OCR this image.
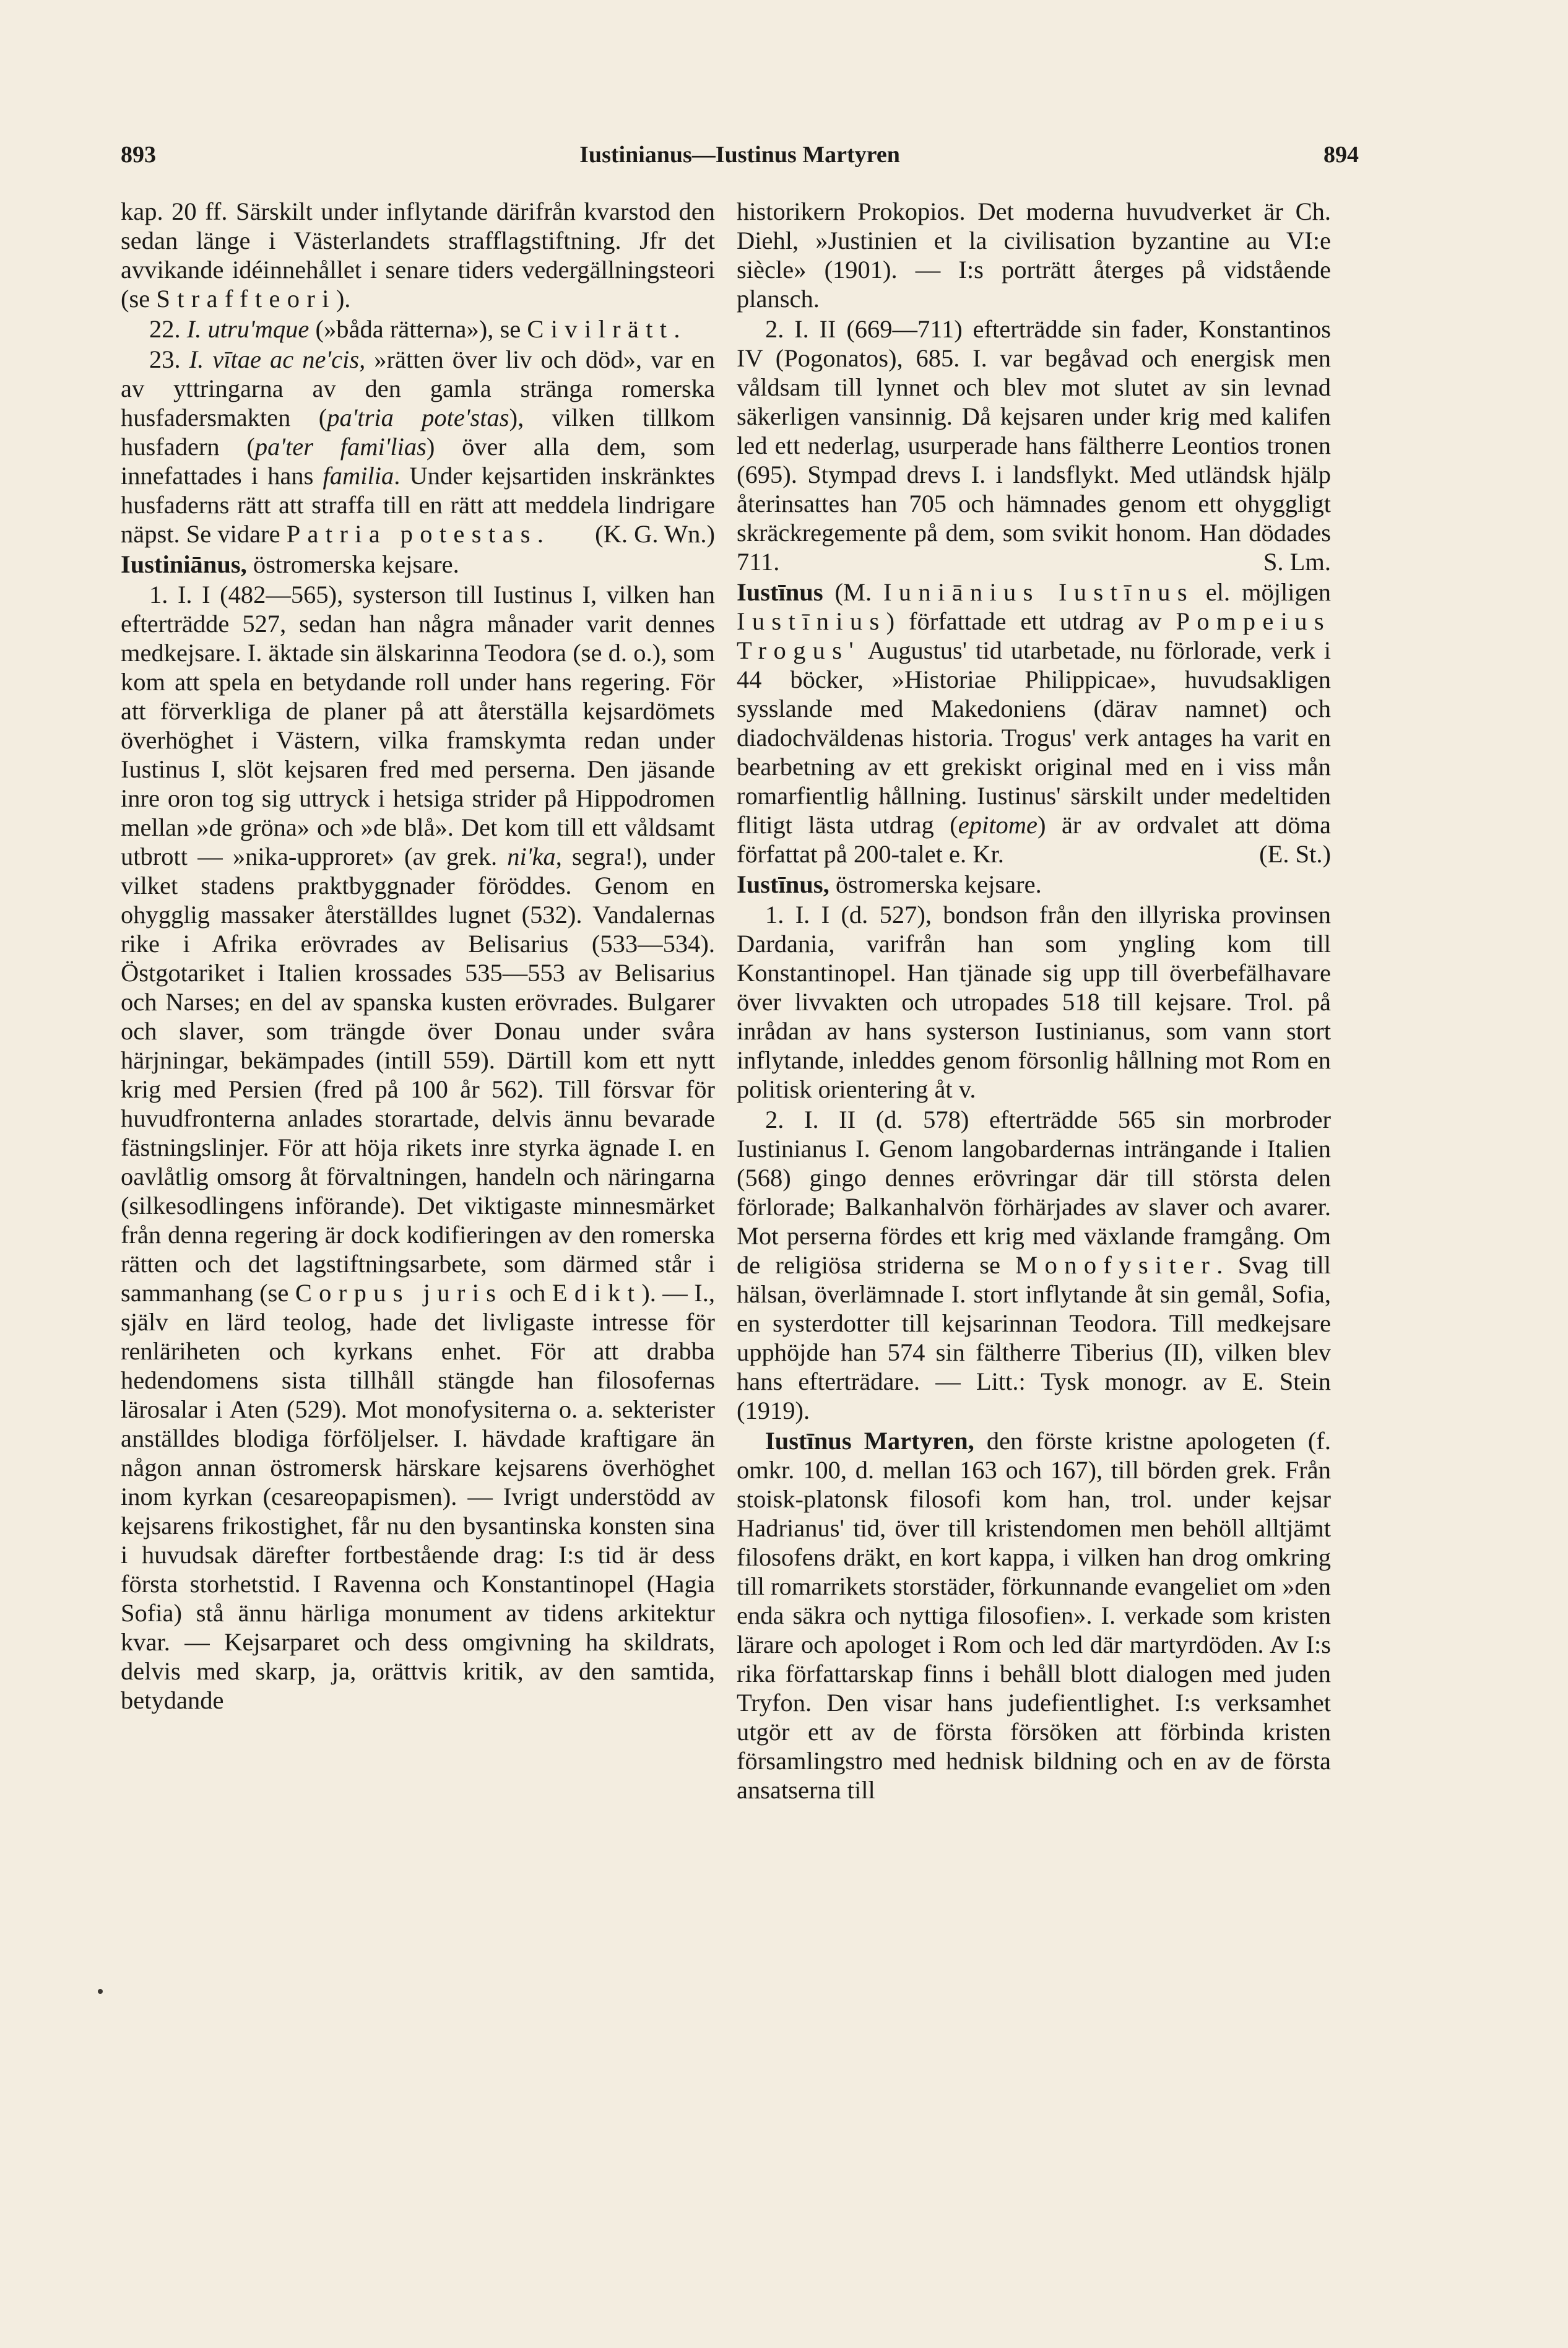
893	Iustinianus—Iustinus Martyren	894

kap. 20 ff. Särskilt under inflytande därifrån kvarstod den sedan länge i Västerlandets strafflagstiftning. Jfr det avvikande idéinnehållet i senare tiders vedergällningsteori (se Straffteori).

22. I. utru'mque (»båda rätterna»), se Civilrätt.

23. I. vītae ac ne'cis, »rätten över liv och död», var en av yttringarna av den gamla stränga romerska husfadersmakten (pa'tria pote'stas), vilken tillkom husfadern (pa'ter fami'lias) över alla dem, som innefattades i hans familia. Under kejsartiden inskränktes husfaderns rätt att straffa till en rätt att meddela lindrigare näpst. Se vidare Patria potestas.	(K. G. Wn.)

Iustiniānus, östromerska kejsare.

1. I. I (482—565), systerson till Iustinus I, vilken han efterträdde 527, sedan han några månader varit dennes medkejsare. I. äktade sin älskarinna Teodora (se d. o.), som kom att spela en betydande roll under hans regering. För att förverkliga de planer på att återställa kejsardömets överhöghet i Västern, vilka framskymta redan under Iustinus I, slöt kejsaren fred med perserna. Den jäsande inre oron tog sig uttryck i hetsiga strider på Hippodromen mellan »de gröna» och »de blå». Det kom till ett våldsamt utbrott — »nika-upproret» (av grek. ni'ka, segra!), under vilket stadens praktbyggnader föröddes. Genom en ohygglig massaker återställdes lugnet (532). Vandalernas rike i Afrika erövrades av Belisarius (533—534). Östgotariket i Italien krossades 535—553 av Belisarius och Narses; en del av spanska kusten erövrades. Bulgarer och slaver, som trängde över Donau under svåra härjningar, bekämpades (intill 559). Därtill kom ett nytt krig med Persien (fred på 100 år 562). Till försvar för huvudfronterna anlades storartade, delvis ännu bevarade fästningslinjer. För att höja rikets inre styrka ägnade I. en oavlåtlig omsorg åt förvaltningen, handeln och näringarna (silkesodlingens införande). Det viktigaste minnesmärket från denna regering är dock kodifieringen av den romerska rätten och det lagstiftningsarbete, som därmed står i sammanhang (se Corpus juris och Edikt). — I., själv en lärd teolog, hade det livligaste intresse för renläriheten och kyrkans enhet. För att drabba hedendomens sista tillhåll stängde han filosofernas lärosalar i Aten (529). Mot monofysiterna o. a. sekterister anställdes blodiga förföljelser. I. hävdade kraftigare än någon annan östromersk härskare kejsarens överhöghet inom kyrkan (cesareopapismen). — Ivrigt understödd av kejsarens frikostighet, får nu den bysantinska konsten sina i huvudsak därefter fortbestående drag: I:s tid är dess första storhetstid. I Ravenna och Konstantinopel (Hagia Sofia) stå ännu härliga monument av tidens arkitektur kvar. — Kejsarparet och dess omgivning ha skildrats, delvis med skarp, ja, orättvis kritik, av den samtida, betydande

historikern Prokopios. Det moderna huvudverket är Ch. Diehl, »Justinien et la civilisation byzantine au VI:e siècle» (1901). — I:s porträtt återges på vidstående plansch.

2. I. II (669—711) efterträdde sin fader, Konstantinos IV (Pogonatos), 685. I. var begåvad och energisk men våldsam till lynnet och blev mot slutet av sin levnad säkerligen vansinnig. Då kejsaren under krig med kalifen led ett nederlag, usurperade hans fältherre Leontios tronen (695). Stympad drevs I. i landsflykt. Med utländsk hjälp återinsattes han 705 och hämnades genom ett ohyggligt skräckregemente på dem, som svikit honom. Han dödades 711.	S. Lm.

Iustīnus (M. Iuniānius Iustīnus el. möjligen Iustīnius) författade ett utdrag av Pompeius Trogus' Augustus' tid utarbetade, nu förlorade, verk i 44 böcker, »Historiae Philippicae», huvudsakligen sysslande med Makedoniens (därav namnet) och diadochväldenas historia. Trogus' verk antages ha varit en bearbetning av ett grekiskt original med en i viss mån romarfientlig hållning. Iustinus' särskilt under medeltiden flitigt lästa utdrag (epitome) är av ordvalet att döma författat på 200-talet e. Kr.	(E. St.)

Iustīnus, östromerska kejsare.

1. I. I (d. 527), bondson från den illyriska provinsen Dardania, varifrån han som yngling kom till Konstantinopel. Han tjänade sig upp till överbefälhavare över livvakten och utropades 518 till kejsare. Trol. på inrådan av hans systerson Iustinianus, som vann stort inflytande, inleddes genom försonlig hållning mot Rom en politisk orientering åt v.

2. I. II (d. 578) efterträdde 565 sin morbroder Iustinianus I. Genom langobardernas inträngande i Italien (568) gingo dennes erövringar där till största delen förlorade; Balkanhalvön förhärjades av slaver och avarer. Mot perserna fördes ett krig med växlande framgång. Om de religiösa striderna se Monofysiter. Svag till hälsan, överlämnade I. stort inflytande åt sin gemål, Sofia, en systerdotter till kejsarinnan Teodora. Till medkejsare upphöjde han 574 sin fältherre Tiberius (II), vilken blev hans efterträdare. — Litt.: Tysk monogr. av E. Stein (1919).

Iustīnus Martyren, den förste kristne apologeten (f. omkr. 100, d. mellan 163 och 167), till börden grek. Från stoisk-platonsk filosofi kom han, trol. under kejsar Hadrianus' tid, över till kristendomen men behöll alltjämt filosofens dräkt, en kort kappa, i vilken han drog omkring till romarrikets storstäder, förkunnande evangeliet om »den enda säkra och nyttiga filosofien». I. verkade som kristen lärare och apologet i Rom och led där martyrdöden. Av I:s rika författarskap finns i behåll blott dialogen med juden Tryfon. Den visar hans judefientlighet. I:s verksamhet utgör ett av de första försöken att förbinda kristen församlingstro med hednisk bildning och en av de första ansatserna till
